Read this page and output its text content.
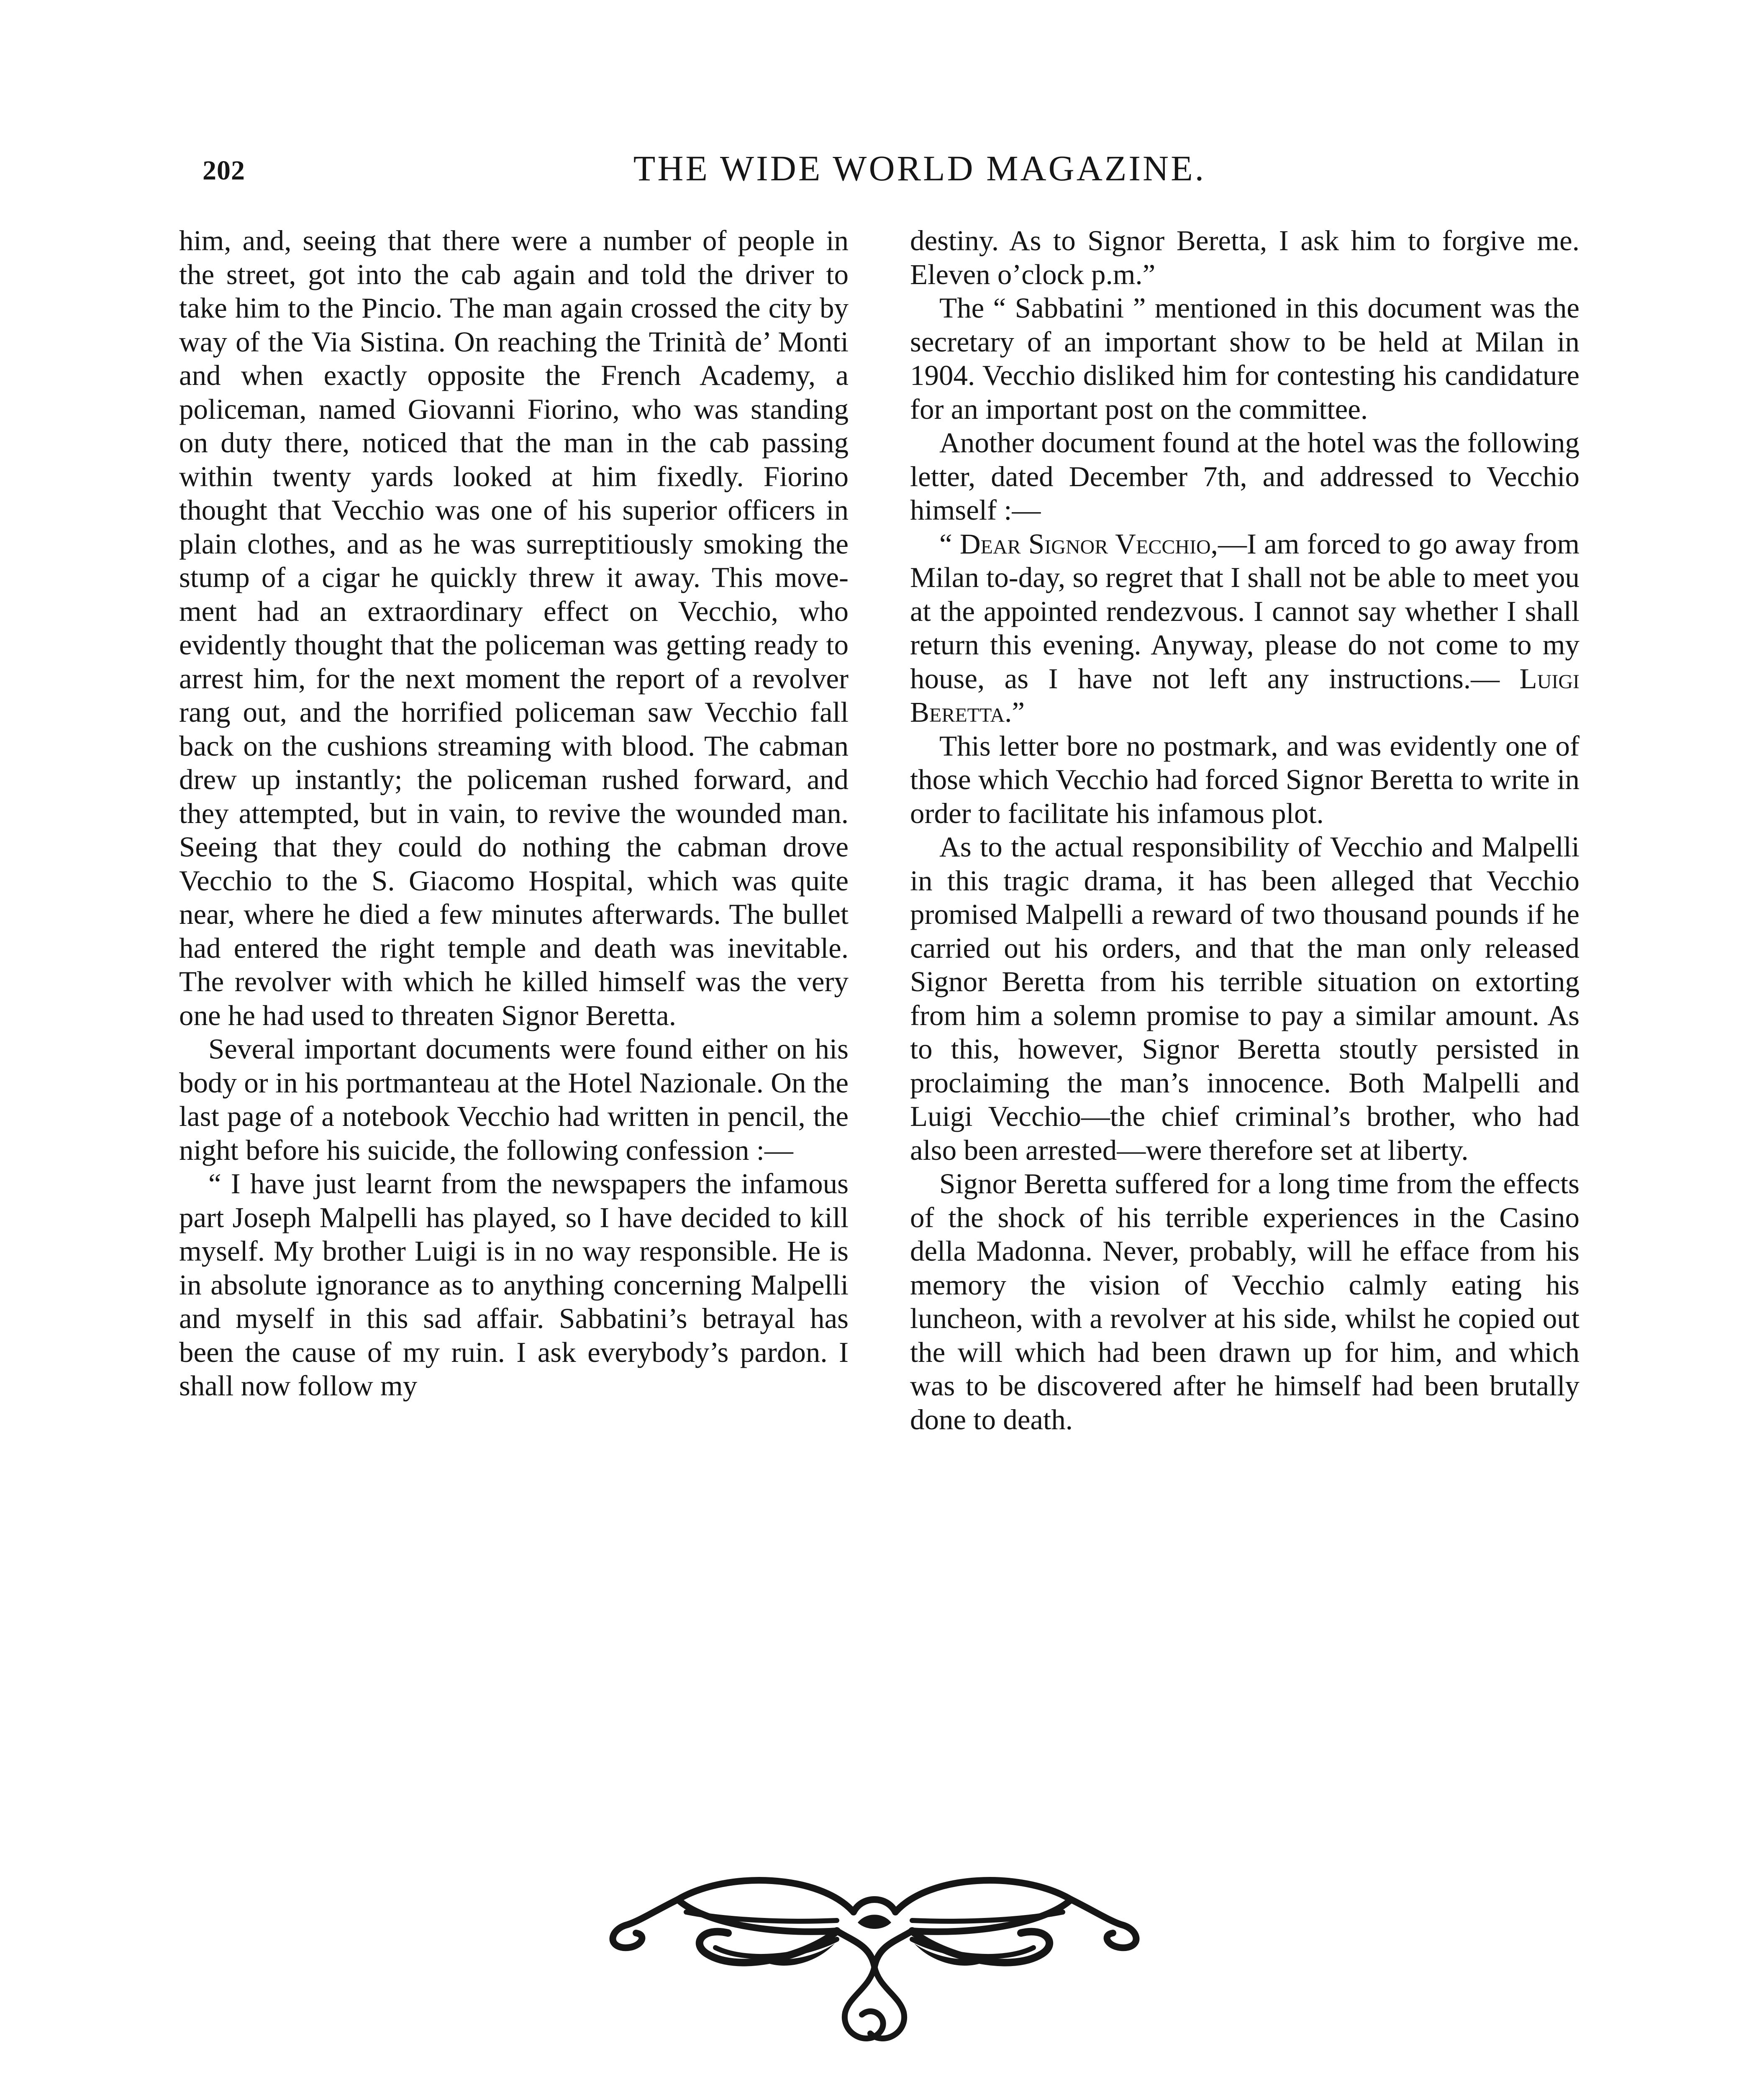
202	THE WIDE WORLD MAGAZINE.

him, and, seeing that there were a number of people in the street, got into the cab again and told the driver to take him to the Pincio. The man again crossed the city by way of the Via Sistina. On reaching the Trinità de’ Monti and when exactly opposite the French Academy, a policeman, named Giovanni Fiorino, who was standing on duty there, noticed that the man in the cab passing within twenty yards looked at him fixedly. Fiorino thought that Vecchio was one of his superior officers in plain clothes, and as he was surreptitiously smoking the stump of a cigar he quickly threw it away. This movement had an extraordinary effect on Vecchio, who evidently thought that the policeman was getting ready to arrest him, for the next moment the report of a revolver rang out, and the horrified policeman saw Vecchio fall back on the cushions streaming with blood. The cabman drew up instantly; the policeman rushed forward, and they attempted, but in vain, to revive the wounded man. Seeing that they could do nothing the cabman drove Vecchio to the S. Giacomo Hospital, which was quite near, where he died a few minutes afterwards. The bullet had entered the right temple and death was inevitable. The revolver with which he killed himself was the very one he had used to threaten Signor Beretta.

Several important documents were found either on his body or in his portmanteau at the Hotel Nazionale. On the last page of a notebook Vecchio had written in pencil, the night before his suicide, the following confession :—

“ I have just learnt from the newspapers the infamous part Joseph Malpelli has played, so I have decided to kill myself. My brother Luigi is in no way responsible. He is in absolute ignorance as to anything concerning Malpelli and myself in this sad affair. Sabbatini’s betrayal has been the cause of my ruin. I ask everybody’s pardon. I shall now follow my

destiny. As to Signor Beretta, I ask him to forgive me. Eleven o’clock p.m.”

The “ Sabbatini ” mentioned in this document was the secretary of an important show to be held at Milan in 1904. Vecchio disliked him for contesting his candidature for an important post on the committee.

Another document found at the hotel was the following letter, dated December 7th, and addressed to Vecchio himself :—

“ Dear Signor Vecchio,—I am forced to go away from Milan to-day, so regret that I shall not be able to meet you at the appointed rendezvous. I cannot say whether I shall return this evening. Anyway, please do not come to my house, as I have not left any instructions.— Luigi Beretta.”

This letter bore no postmark, and was evidently one of those which Vecchio had forced Signor Beretta to write in order to facilitate his infamous plot.

As to the actual responsibility of Vecchio and Malpelli in this tragic drama, it has been alleged that Vecchio promised Malpelli a reward of two thousand pounds if he carried out his orders, and that the man only released Signor Beretta from his terrible situation on extorting from him a solemn promise to pay a similar amount. As to this, however, Signor Beretta stoutly persisted in proclaiming the man’s innocence. Both Malpelli and Luigi Vecchio—the chief criminal’s brother, who had also been arrested—were therefore set at liberty.

Signor Beretta suffered for a long time from the effects of the shock of his terrible experiences in the Casino della Madonna. Never, probably, will he efface from his memory the vision of Vecchio calmly eating his luncheon, with a revolver at his side, whilst he copied out the will which had been drawn up for him, and which was to be discovered after he himself had been brutally done to death.
